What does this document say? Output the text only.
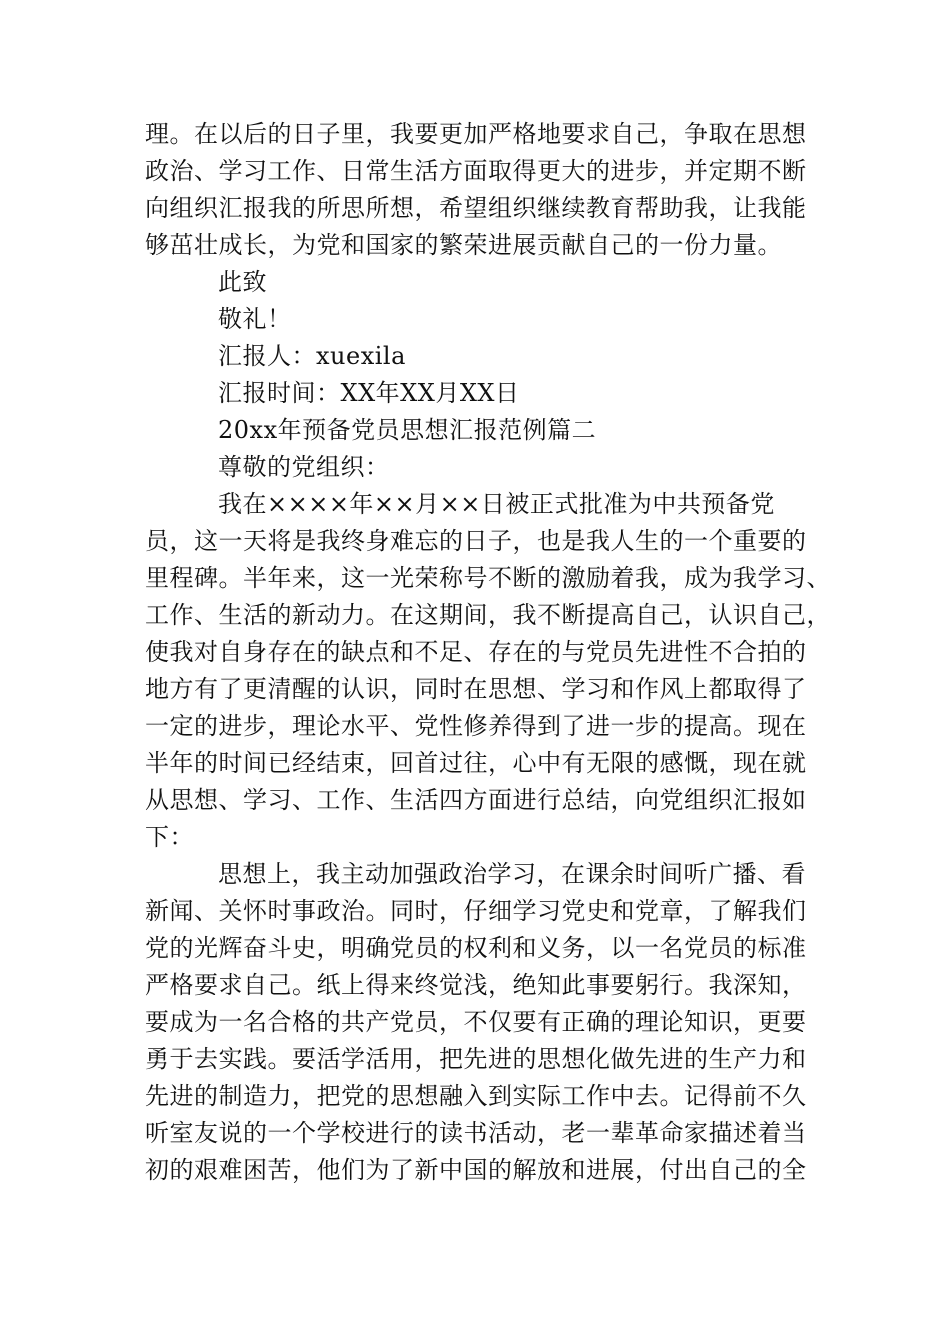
理。在以后的日子里，我要更加严格地要求自己，争取在思想
政治、学习工作、日常生活方面取得更大的进步，并定期不断
向组织汇报我的所思所想，希望组织继续教育帮助我，让我能
够茁壮成长，为党和国家的繁荣进展贡献自己的一份力量。
此致
敬礼！
汇报人：xuexila
汇报时间：XX年XX月XX日
20xx年预备党员思想汇报范例篇二
尊敬的党组织：
我在××××年××月××日被正式批准为中共预备党
员，这一天将是我终身难忘的日子，也是我人生的一个重要的
里程碑。半年来，这一光荣称号不断的激励着我，成为我学习、
工作、生活的新动力。在这期间，我不断提高自己，认识自己，
使我对自身存在的缺点和不足、存在的与党员先进性不合拍的
地方有了更清醒的认识，同时在思想、学习和作风上都取得了
一定的进步，理论水平、党性修养得到了进一步的提高。现在
半年的时间已经结束，回首过往，心中有无限的感慨，现在就
从思想、学习、工作、生活四方面进行总结，向党组织汇报如
下：
思想上，我主动加强政治学习，在课余时间听广播、看
新闻、关怀时事政治。同时，仔细学习党史和党章，了解我们
党的光辉奋斗史，明确党员的权利和义务，以一名党员的标准
严格要求自己。纸上得来终觉浅，绝知此事要躬行。我深知，
要成为一名合格的共产党员，不仅要有正确的理论知识，更要
勇于去实践。要活学活用，把先进的思想化做先进的生产力和
先进的制造力，把党的思想融入到实际工作中去。记得前不久
听室友说的一个学校进行的读书活动，老一辈革命家描述着当
初的艰难困苦，他们为了新中国的解放和进展，付出自己的全
